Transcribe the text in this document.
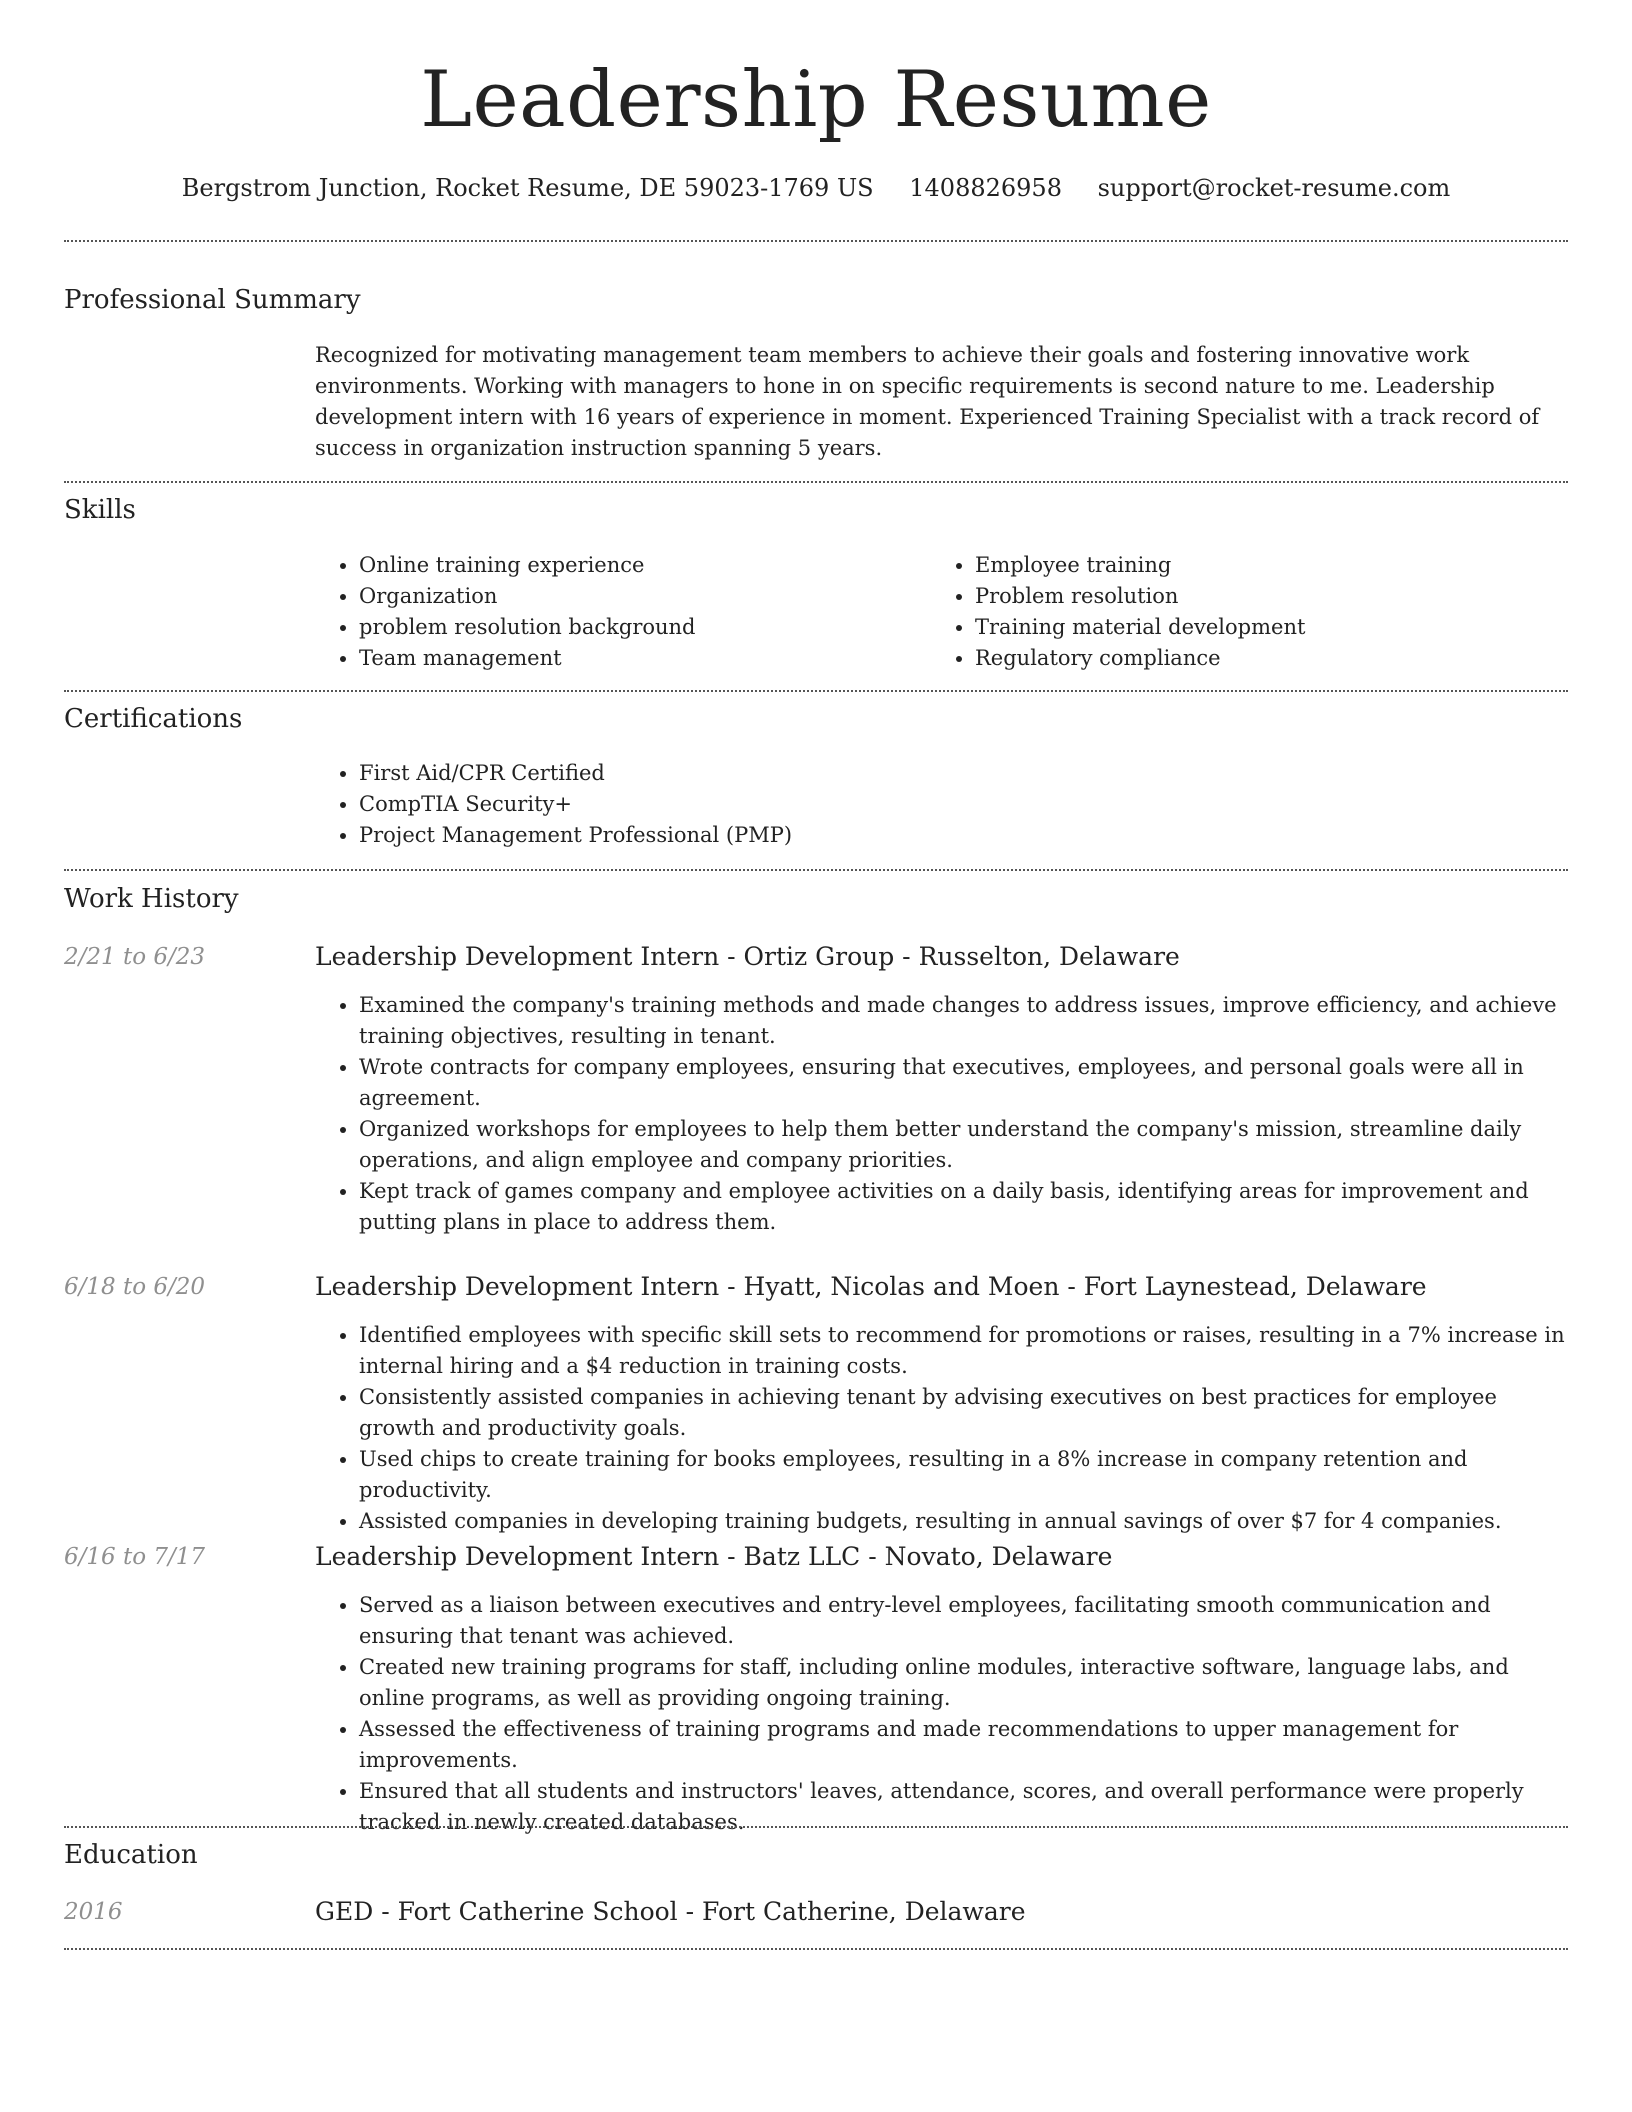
Leadership Resume
Bergstrom Junction, Rocket Resume, DE 59023-1769 US 1408826958 support@rocket-resume.com
Professional Summary
Recognized for motivating management team members to achieve their goals and fostering innovative work environments. Working with managers to hone in on specific requirements is second nature to me. Leadership development intern with 16 years of experience in moment. Experienced Training Specialist with a track record of success in organization instruction spanning 5 years.
Skills
• Online training experience
• Organization
• problem resolution background
• Team management
• Employee training
• Problem resolution
• Training material development
• Regulatory compliance
Certifications
• First Aid/CPR Certified
• CompTIA Security+
• Project Management Professional (PMP)
Work History
2/21 to 6/23	Leadership Development Intern - Ortiz Group - Russelton, Delaware
• Examined the company's training methods and made changes to address issues, improve efficiency, and achieve training objectives, resulting in tenant.
• Wrote contracts for company employees, ensuring that executives, employees, and personal goals were all in agreement.
• Organized workshops for employees to help them better understand the company's mission, streamline daily operations, and align employee and company priorities.
• Kept track of games company and employee activities on a daily basis, identifying areas for improvement and putting plans in place to address them.
6/18 to 6/20	Leadership Development Intern - Hyatt, Nicolas and Moen - Fort Laynestead, Delaware
• Identified employees with specific skill sets to recommend for promotions or raises, resulting in a 7% increase in internal hiring and a $4 reduction in training costs.
• Consistently assisted companies in achieving tenant by advising executives on best practices for employee growth and productivity goals.
• Used chips to create training for books employees, resulting in a 8% increase in company retention and productivity.
• Assisted companies in developing training budgets, resulting in annual savings of over $7 for 4 companies.
6/16 to 7/17	Leadership Development Intern - Batz LLC - Novato, Delaware
• Served as a liaison between executives and entry-level employees, facilitating smooth communication and ensuring that tenant was achieved.
• Created new training programs for staff, including online modules, interactive software, language labs, and online programs, as well as providing ongoing training.
• Assessed the effectiveness of training programs and made recommendations to upper management for improvements.
• Ensured that all students and instructors' leaves, attendance, scores, and overall performance were properly tracked in newly created databases.
Education
2016	GED - Fort Catherine School - Fort Catherine, Delaware
